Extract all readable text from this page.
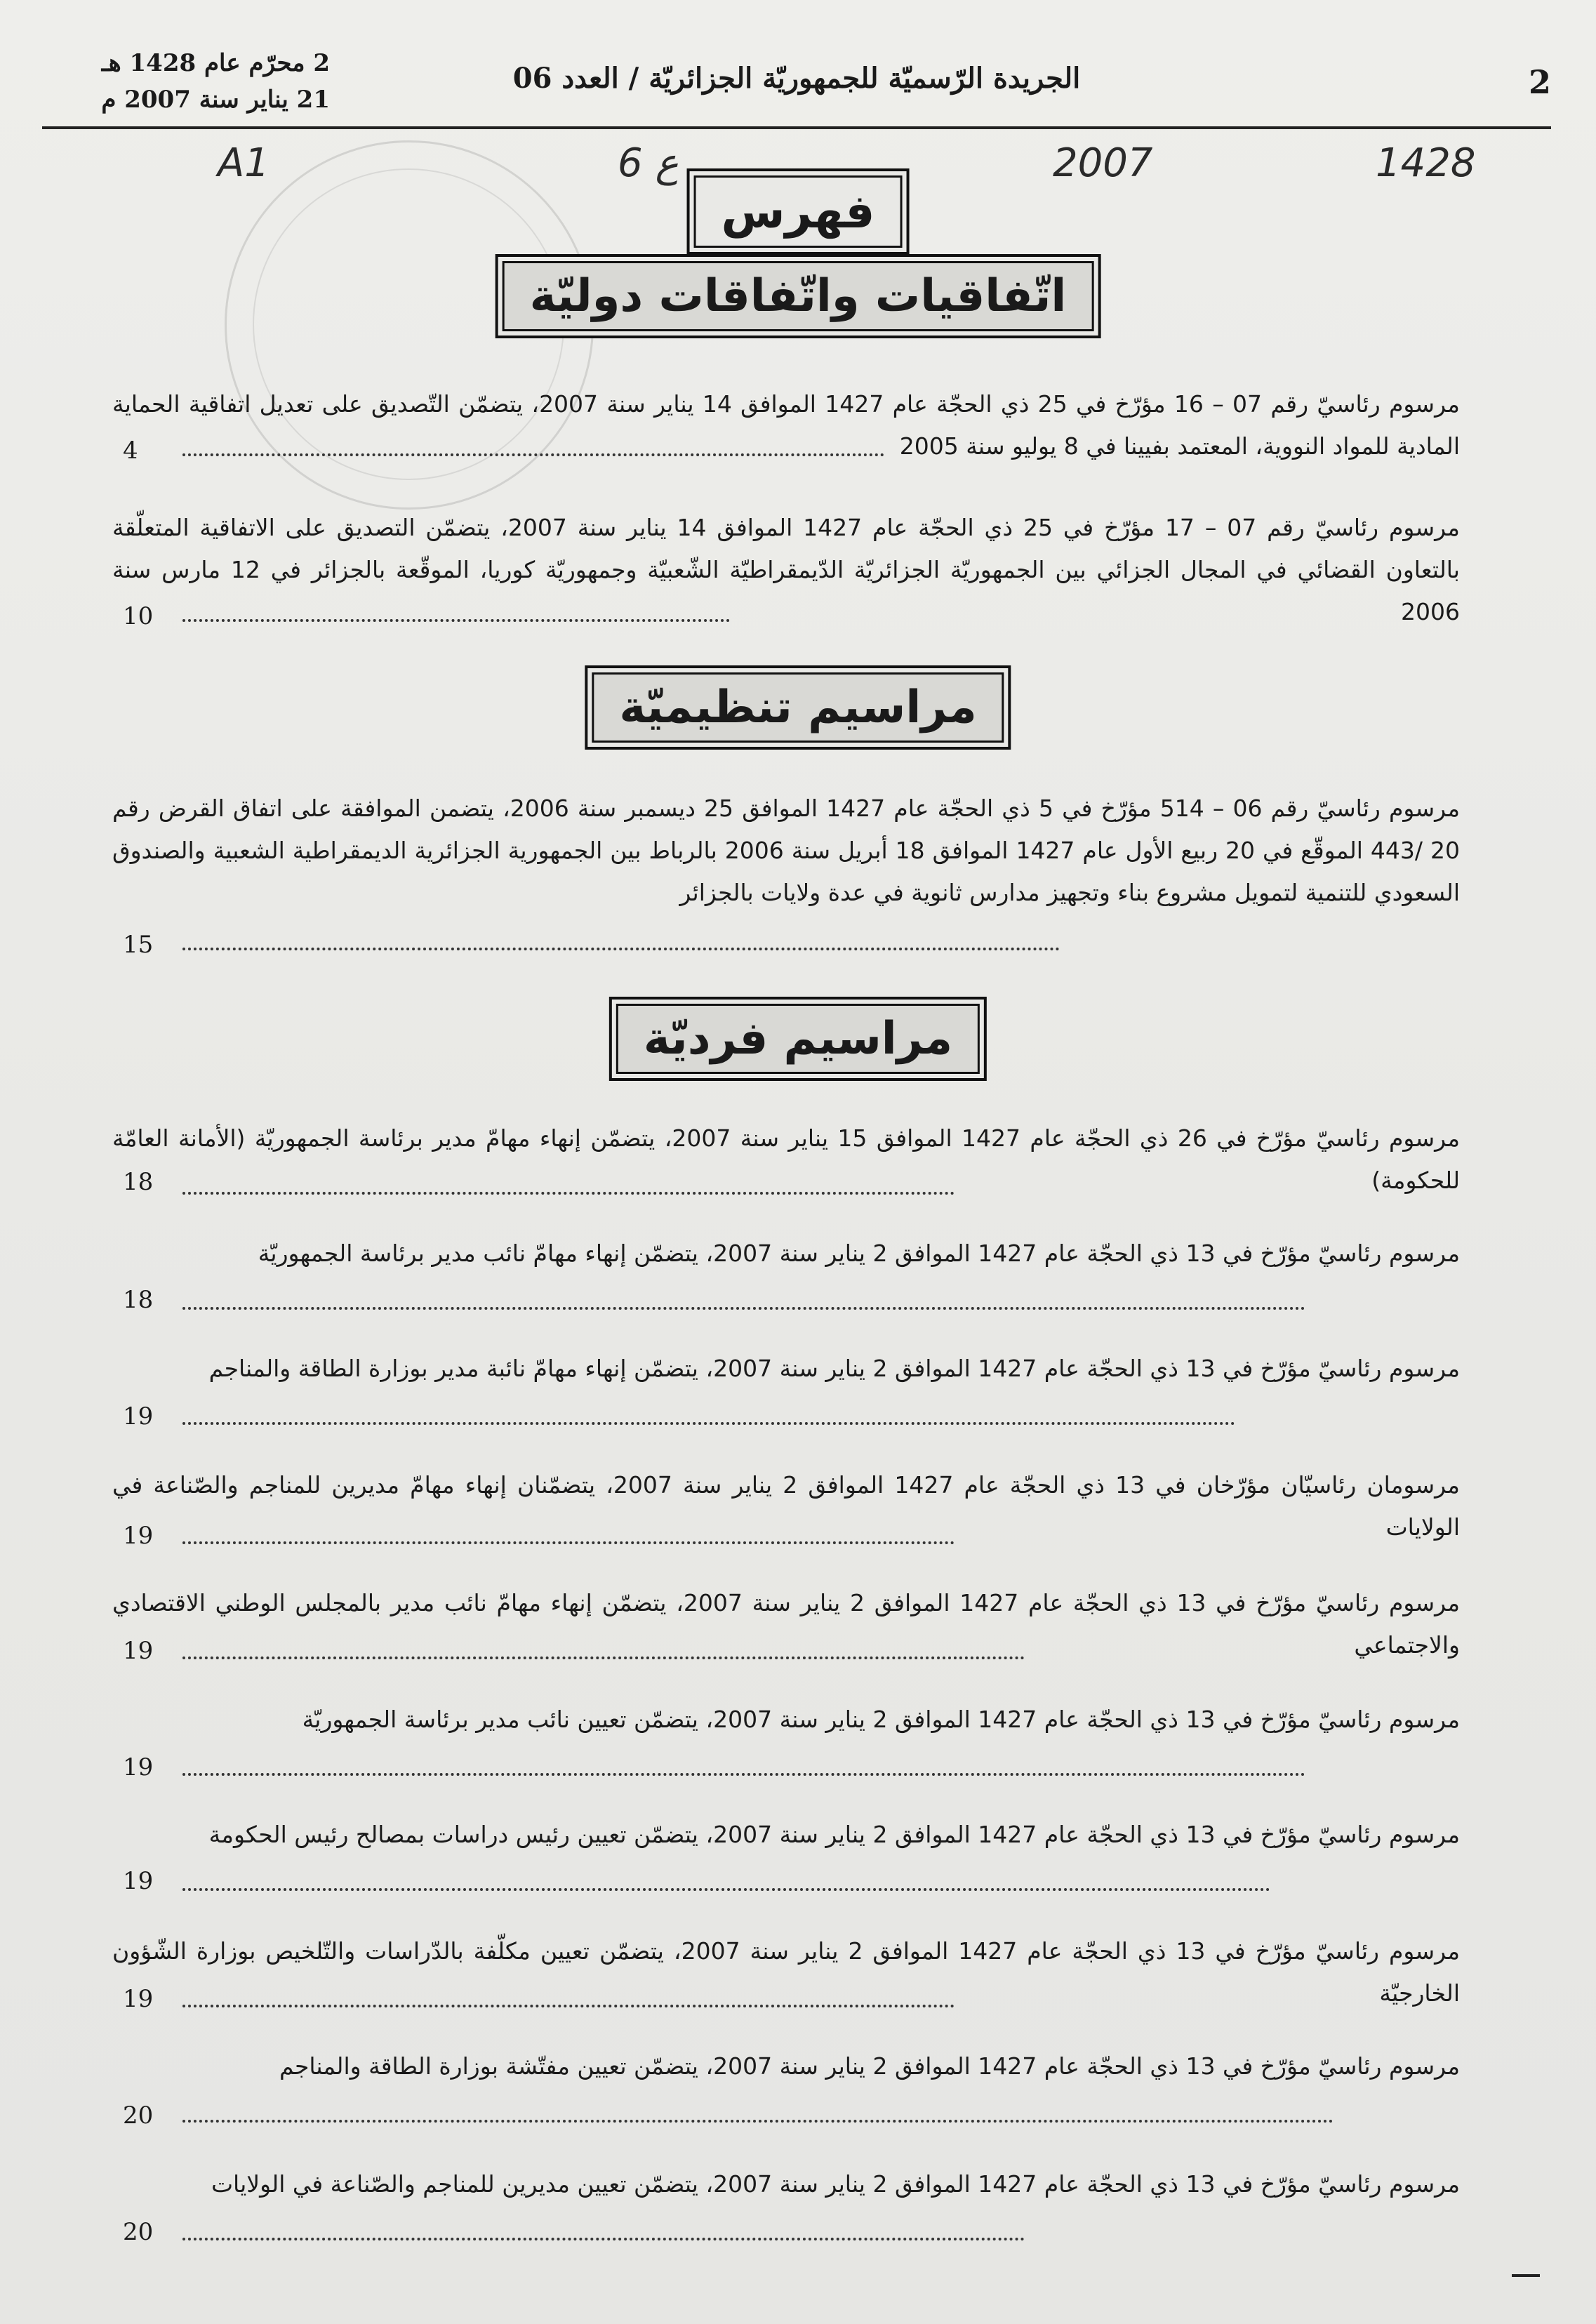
2
الجريدة الرّسميّة للجمهوريّة الجزائريّة / العدد 06
2 محرّم عام 1428 هـ
21 يناير سنة 2007 م
A1	6 ع	2007	1428
فهرس
اتّفاقيات واتّفاقات دوليّة
مرسوم رئاسيّ رقم 07 – 16 مؤرّخ في 25 ذي الحجّة عام 1427 الموافق 14 يناير سنة 2007، يتضمّن التّصديق على تعديل اتفاقية الحماية المادية للمواد النووية، المعتمد بفيينا في 8 يوليو سنة 2005
4
مرسوم رئاسيّ رقم 07 – 17 مؤرّخ في 25 ذي الحجّة عام 1427 الموافق 14 يناير سنة 2007، يتضمّن التصديق على الاتفاقية المتعلّقة بالتعاون القضائي في المجال الجزائي بين الجمهوريّة الجزائريّة الدّيمقراطيّة الشّعبيّة وجمهوريّة كوريا، الموقّعة بالجزائر في 12 مارس سنة 2006
10
مراسيم تنظيميّة
مرسوم رئاسيّ رقم 06 – 514 مؤرّخ في 5 ذي الحجّة عام 1427 الموافق 25 ديسمبر سنة 2006، يتضمن الموافقة على اتفاق القرض رقم 20 /443 الموقّع في 20 ربيع الأول عام 1427 الموافق 18 أبريل سنة 2006 بالرباط بين الجمهورية الجزائرية الديمقراطية الشعبية والصندوق السعودي للتنمية لتمويل مشروع بناء وتجهيز مدارس ثانوية في عدة ولايات بالجزائر
15
مراسيم فرديّة
مرسوم رئاسيّ مؤرّخ في 26 ذي الحجّة عام 1427 الموافق 15 يناير سنة 2007، يتضمّن إنهاء مهامّ مدير برئاسة الجمهوريّة (الأمانة العامّة للحكومة)
18
مرسوم رئاسيّ مؤرّخ في 13 ذي الحجّة عام 1427 الموافق 2 يناير سنة 2007، يتضمّن إنهاء مهامّ نائب مدير برئاسة الجمهوريّة
18
مرسوم رئاسيّ مؤرّخ في 13 ذي الحجّة عام 1427 الموافق 2 يناير سنة 2007، يتضمّن إنهاء مهامّ نائبة مدير بوزارة الطاقة والمناجم
19
مرسومان رئاسيّان مؤرّخان في 13 ذي الحجّة عام 1427 الموافق 2 يناير سنة 2007، يتضمّنان إنهاء مهامّ مديرين للمناجم والصّناعة في الولايات
19
مرسوم رئاسيّ مؤرّخ في 13 ذي الحجّة عام 1427 الموافق 2 يناير سنة 2007، يتضمّن إنهاء مهامّ نائب مدير بالمجلس الوطني الاقتصادي والاجتماعي
19
مرسوم رئاسيّ مؤرّخ في 13 ذي الحجّة عام 1427 الموافق 2 يناير سنة 2007، يتضمّن تعيين نائب مدير برئاسة الجمهوريّة
19
مرسوم رئاسيّ مؤرّخ في 13 ذي الحجّة عام 1427 الموافق 2 يناير سنة 2007، يتضمّن تعيين رئيس دراسات بمصالح رئيس الحكومة
19
مرسوم رئاسيّ مؤرّخ في 13 ذي الحجّة عام 1427 الموافق 2 يناير سنة 2007، يتضمّن تعيين مكلّفة بالدّراسات والتّلخيص بوزارة الشّؤون الخارجيّة
19
مرسوم رئاسيّ مؤرّخ في 13 ذي الحجّة عام 1427 الموافق 2 يناير سنة 2007، يتضمّن تعيين مفتّشة بوزارة الطاقة والمناجم
20
مرسوم رئاسيّ مؤرّخ في 13 ذي الحجّة عام 1427 الموافق 2 يناير سنة 2007، يتضمّن تعيين مديرين للمناجم والصّناعة في الولايات
20
